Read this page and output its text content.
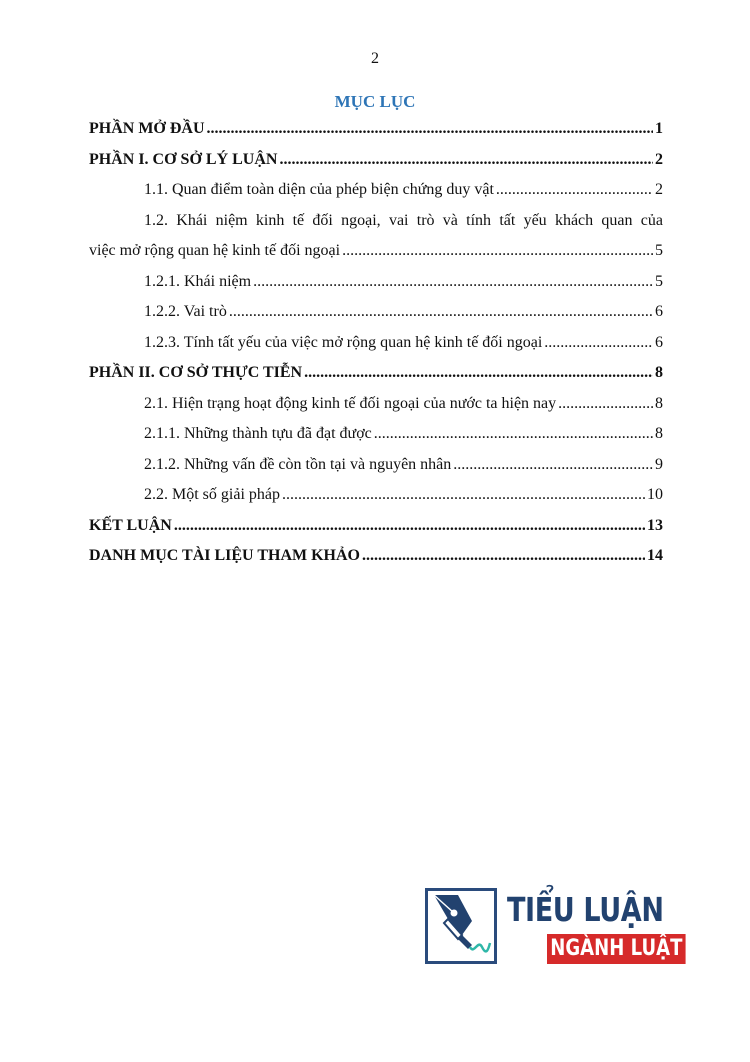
2
MỤC LỤC
PHẦN MỞ ĐẦU .....	1
PHẦN I. CƠ SỞ LÝ LUẬN .....	2
1.1. Quan điểm toàn diện của phép biện chứng duy vật .....	2
1.2. Khái niệm kinh tế đối ngoại, vai trò và tính tất yếu khách quan của
việc mở rộng quan hệ kinh tế đối ngoại .....	5
1.2.1. Khái niệm .....	5
1.2.2. Vai trò .....	6
1.2.3. Tính tất yếu của việc mở rộng quan hệ kinh tế đối ngoại .....	6
PHẦN II. CƠ SỞ THỰC TIỄN .....	8
2.1. Hiện trạng hoạt động kinh tế đối ngoại của nước ta hiện nay .....	8
2.1.1. Những thành tựu đã đạt được .....	8
2.1.2. Những vấn đề còn tồn tại và nguyên nhân .....	9
2.2. Một số giải pháp .....	10
KẾT LUẬN .....	13
DANH MỤC TÀI LIỆU THAM KHẢO .....	14
TIỂU LUẬN
NGÀNH LUẬT
